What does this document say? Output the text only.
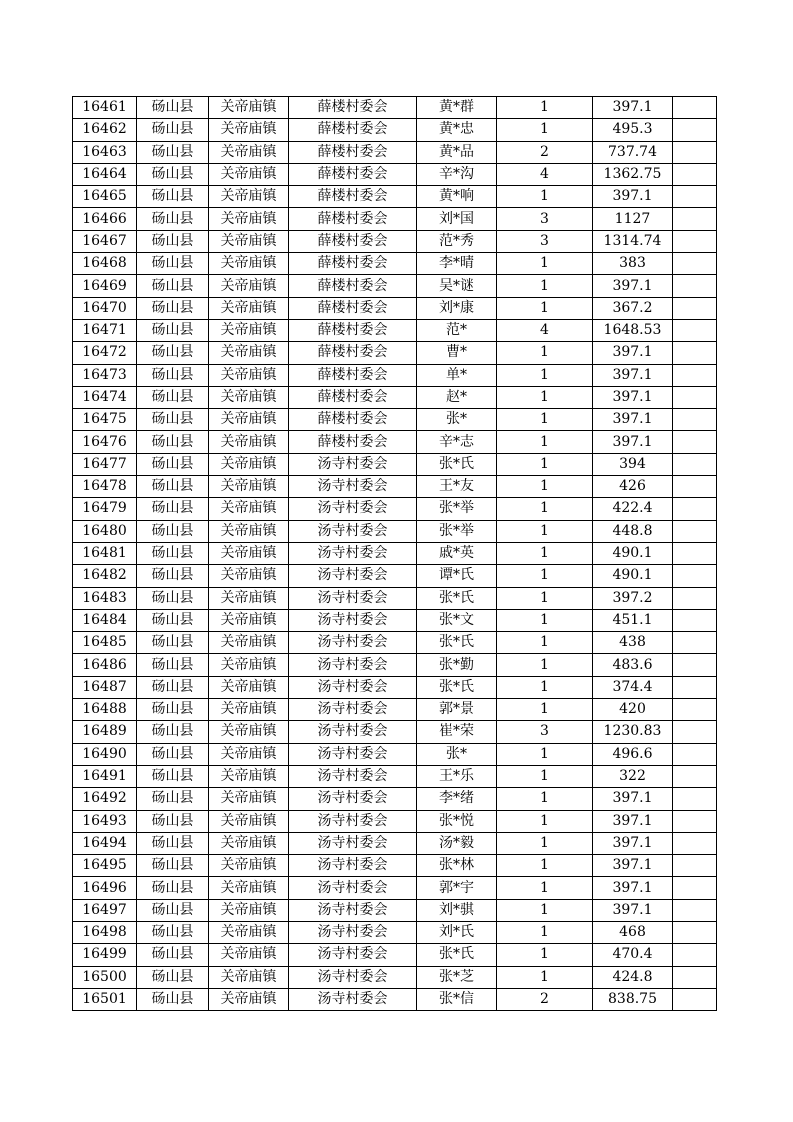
16461	砀山县	关帝庙镇	薛楼村委会	黄*群	1	397.1	
16462	砀山县	关帝庙镇	薛楼村委会	黄*忠	1	495.3	
16463	砀山县	关帝庙镇	薛楼村委会	黄*品	2	737.74	
16464	砀山县	关帝庙镇	薛楼村委会	辛*沟	4	1362.75	
16465	砀山县	关帝庙镇	薛楼村委会	黄*响	1	397.1	
16466	砀山县	关帝庙镇	薛楼村委会	刘*国	3	1127	
16467	砀山县	关帝庙镇	薛楼村委会	范*秀	3	1314.74	
16468	砀山县	关帝庙镇	薛楼村委会	李*晴	1	383	
16469	砀山县	关帝庙镇	薛楼村委会	吴*谜	1	397.1	
16470	砀山县	关帝庙镇	薛楼村委会	刘*康	1	367.2	
16471	砀山县	关帝庙镇	薛楼村委会	范*	4	1648.53	
16472	砀山县	关帝庙镇	薛楼村委会	曹*	1	397.1	
16473	砀山县	关帝庙镇	薛楼村委会	单*	1	397.1	
16474	砀山县	关帝庙镇	薛楼村委会	赵*	1	397.1	
16475	砀山县	关帝庙镇	薛楼村委会	张*	1	397.1	
16476	砀山县	关帝庙镇	薛楼村委会	辛*志	1	397.1	
16477	砀山县	关帝庙镇	汤寺村委会	张*氏	1	394	
16478	砀山县	关帝庙镇	汤寺村委会	王*友	1	426	
16479	砀山县	关帝庙镇	汤寺村委会	张*举	1	422.4	
16480	砀山县	关帝庙镇	汤寺村委会	张*举	1	448.8	
16481	砀山县	关帝庙镇	汤寺村委会	戚*英	1	490.1	
16482	砀山县	关帝庙镇	汤寺村委会	谭*氏	1	490.1	
16483	砀山县	关帝庙镇	汤寺村委会	张*氏	1	397.2	
16484	砀山县	关帝庙镇	汤寺村委会	张*文	1	451.1	
16485	砀山县	关帝庙镇	汤寺村委会	张*氏	1	438	
16486	砀山县	关帝庙镇	汤寺村委会	张*勤	1	483.6	
16487	砀山县	关帝庙镇	汤寺村委会	张*氏	1	374.4	
16488	砀山县	关帝庙镇	汤寺村委会	郭*景	1	420	
16489	砀山县	关帝庙镇	汤寺村委会	崔*荣	3	1230.83	
16490	砀山县	关帝庙镇	汤寺村委会	张*	1	496.6	
16491	砀山县	关帝庙镇	汤寺村委会	王*乐	1	322	
16492	砀山县	关帝庙镇	汤寺村委会	李*绪	1	397.1	
16493	砀山县	关帝庙镇	汤寺村委会	张*悦	1	397.1	
16494	砀山县	关帝庙镇	汤寺村委会	汤*毅	1	397.1	
16495	砀山县	关帝庙镇	汤寺村委会	张*林	1	397.1	
16496	砀山县	关帝庙镇	汤寺村委会	郭*宇	1	397.1	
16497	砀山县	关帝庙镇	汤寺村委会	刘*骐	1	397.1	
16498	砀山县	关帝庙镇	汤寺村委会	刘*氏	1	468	
16499	砀山县	关帝庙镇	汤寺村委会	张*氏	1	470.4	
16500	砀山县	关帝庙镇	汤寺村委会	张*芝	1	424.8	
16501	砀山县	关帝庙镇	汤寺村委会	张*信	2	838.75	
